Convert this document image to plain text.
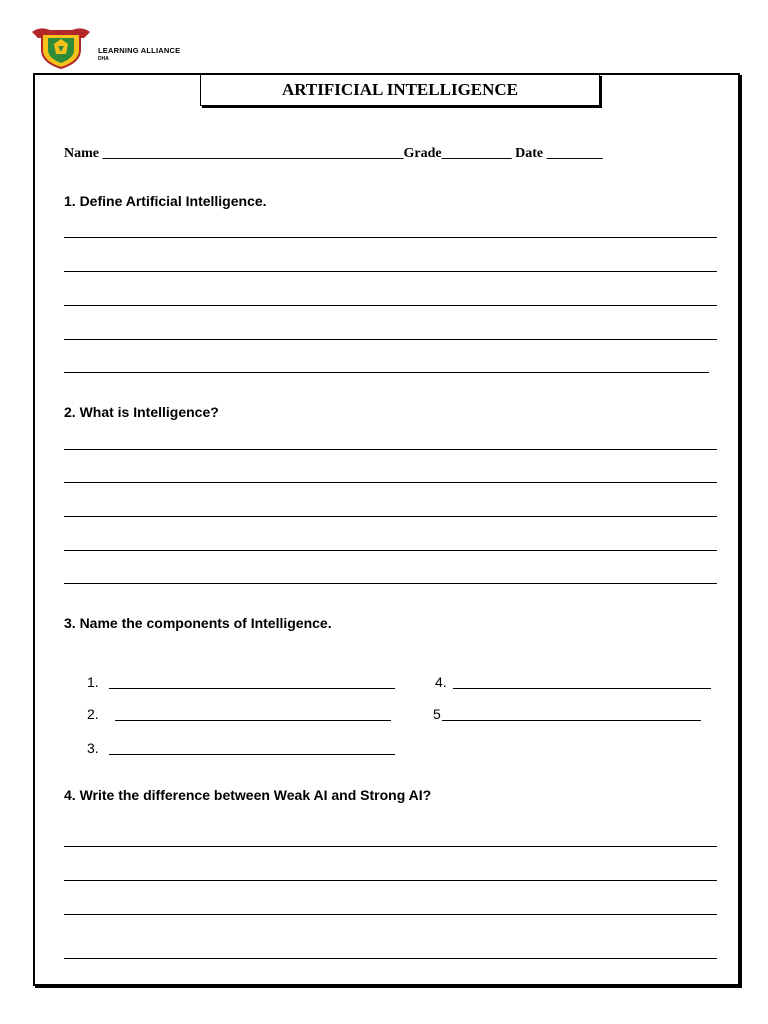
LEARNING ALLIANCE
DHA
ARTIFICIAL INTELLIGENCE
Name ___________________________________________Grade__________ Date ________
1. Define Artificial Intelligence.
2. What is Intelligence?
3. Name the components of Intelligence.
1.
2.
3.
4.
5
4. Write the difference between Weak AI and Strong AI?
